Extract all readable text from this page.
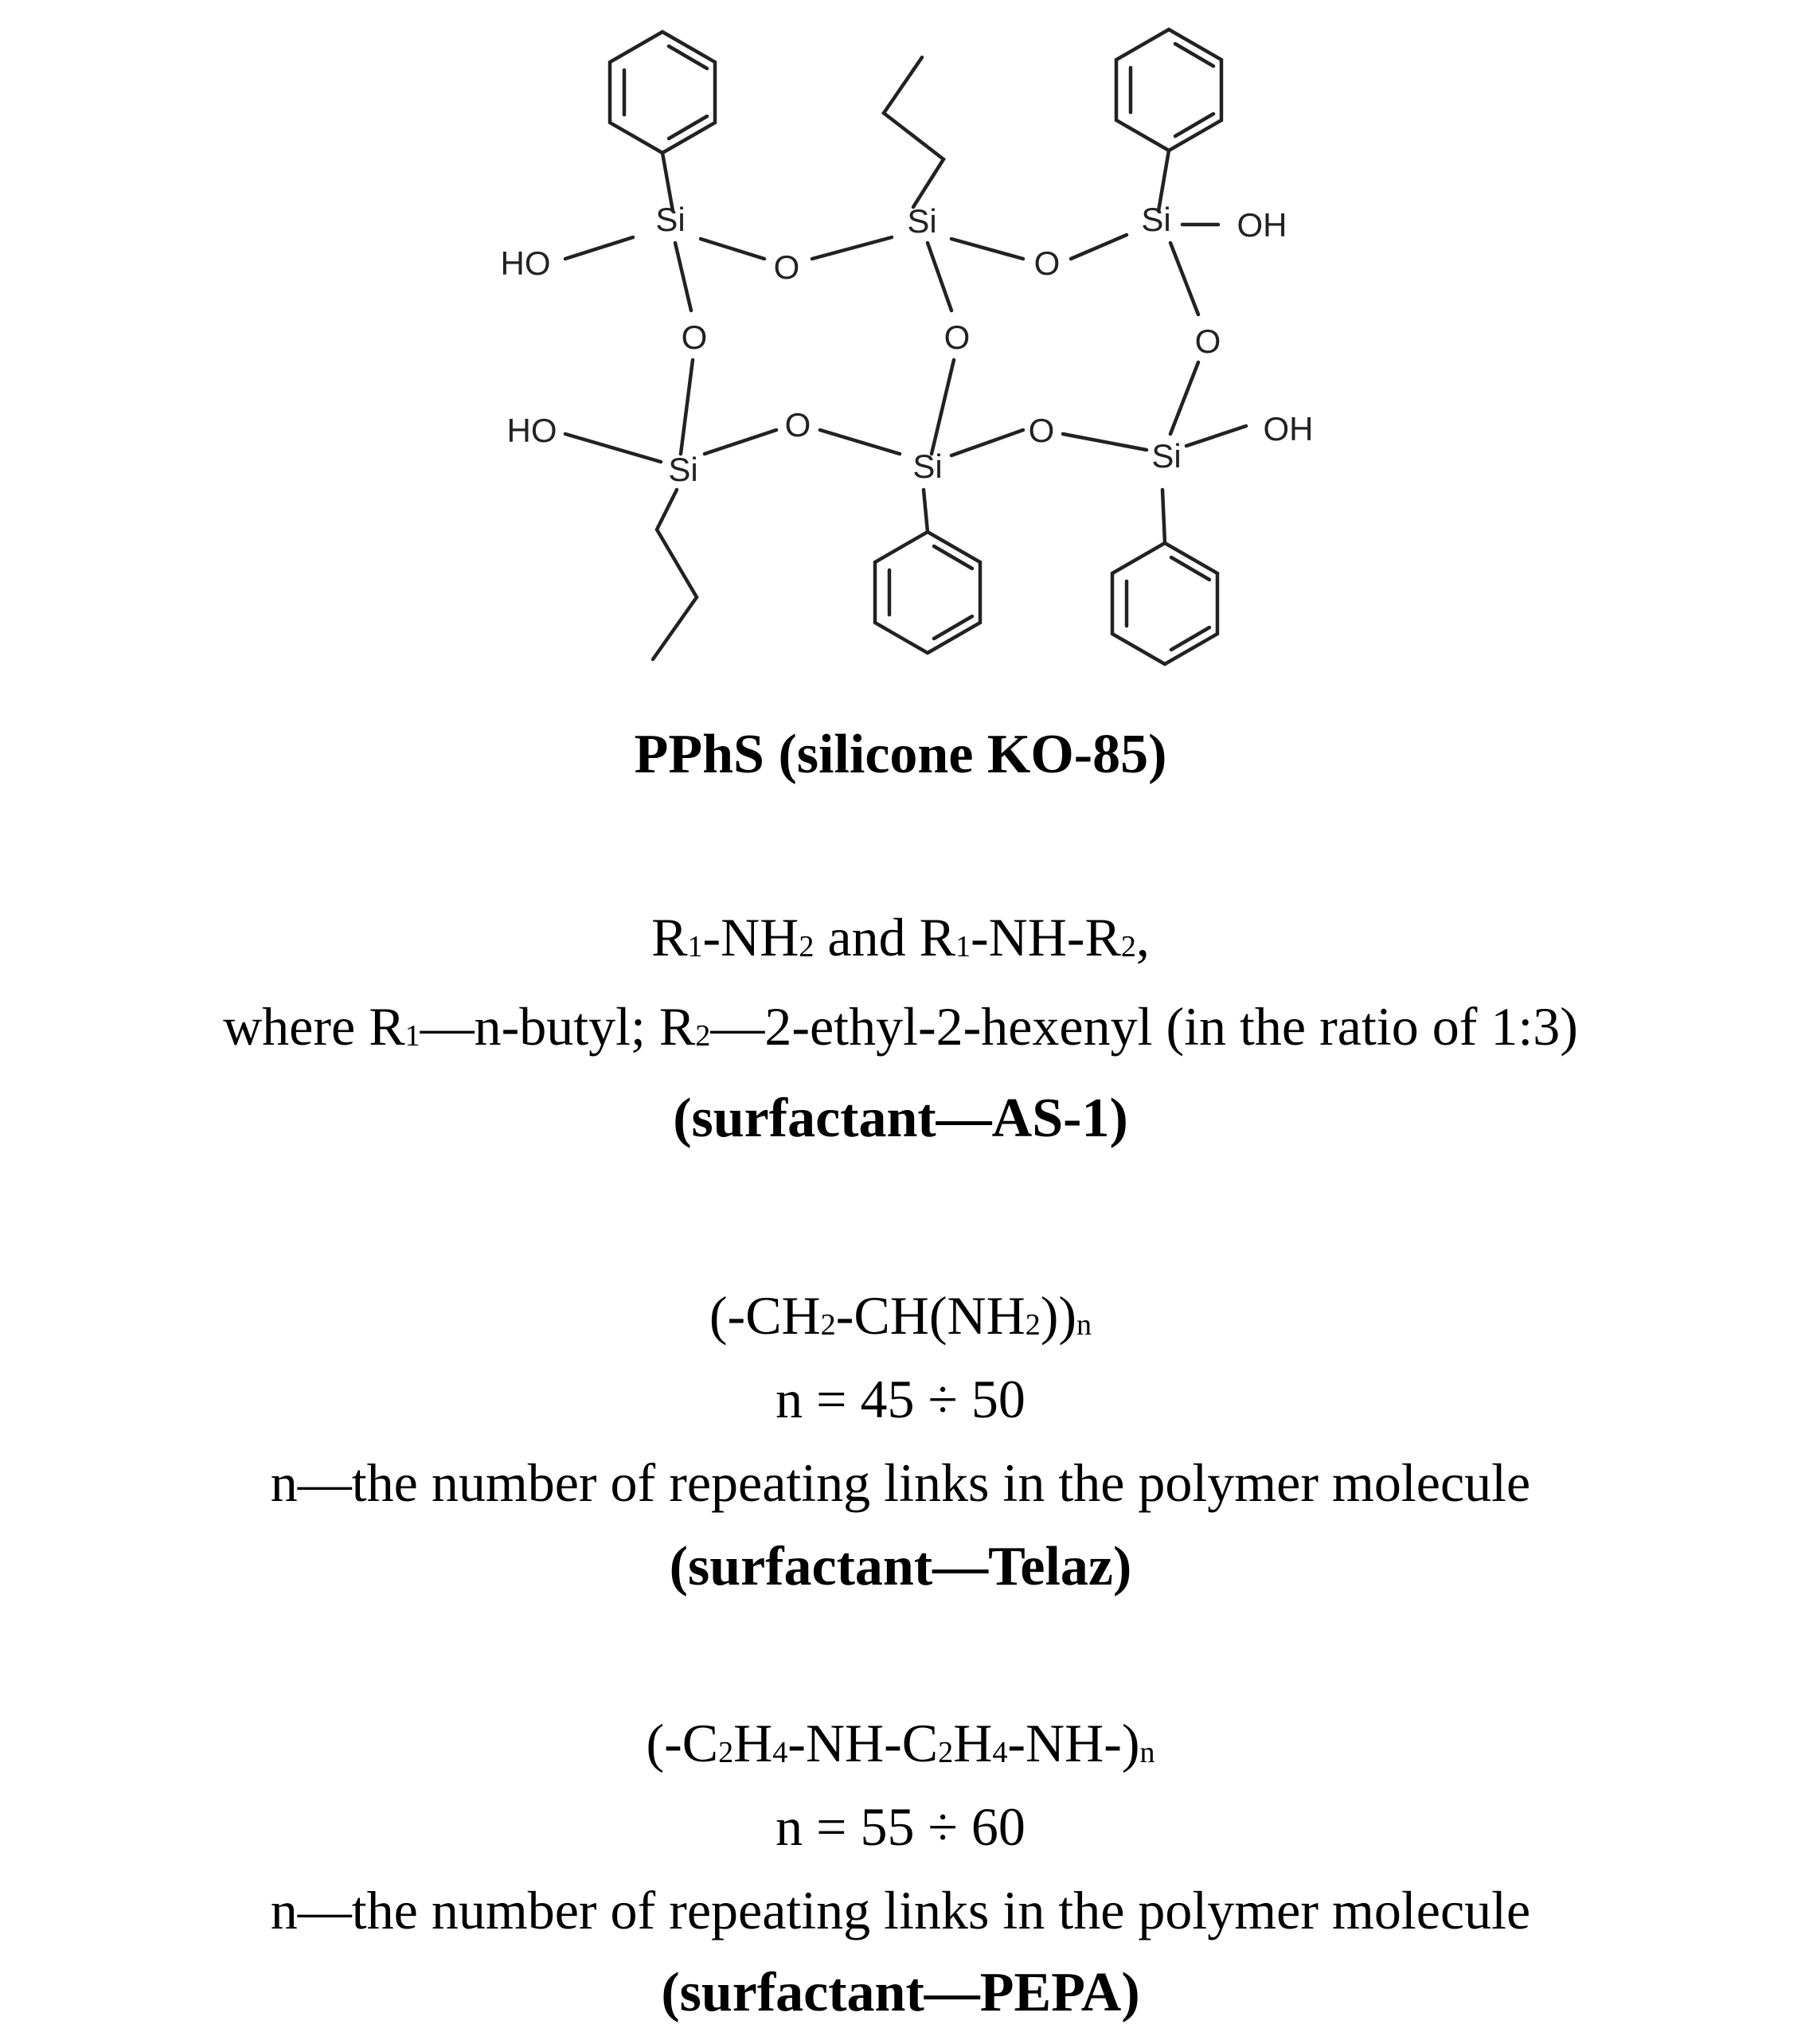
Si	Si	Si
Si	Si	Si
O	O
O	O	O
O	O
HO
HO
OH
OH
PPhS (silicone KO-85)
R1-NH2 and R1-NH-R2,
where R1—n-butyl; R2—2-ethyl-2-hexenyl (in the ratio of 1:3)
(surfactant—AS-1)
(-CH2-CH(NH2))n
n = 45 ÷ 50
n—the number of repeating links in the polymer molecule
(surfactant—Telaz)
(-C2H4-NH-C2H4-NH-)n
n = 55 ÷ 60
n—the number of repeating links in the polymer molecule
(surfactant—PEPA)
